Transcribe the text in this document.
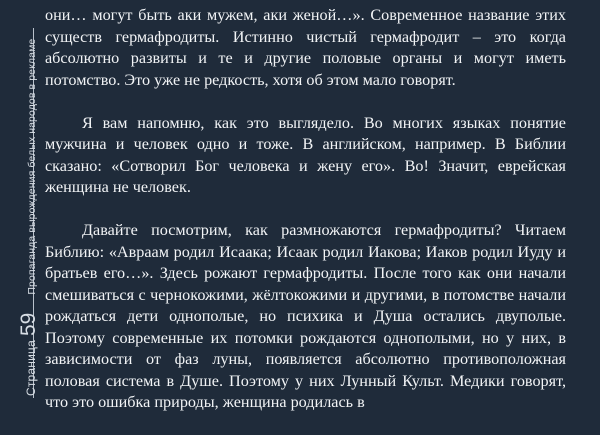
Страница
59
Пропаганда вырождения белых народов в рекламе

они… могут быть аки мужем, аки женой…». Современное название этих существ гермафродиты. Истинно чистый гермафродит – это когда абсолютно развиты и те и другие половые органы и могут иметь потомство. Это уже не редкость, хотя об этом мало говорят.

Я вам напомню, как это выглядело. Во многих языках понятие мужчина и человек одно и тоже. В английском, например. В Библии сказано: «Сотворил Бог человека и жену его». Во! Значит, еврейская женщина не человек.

Давайте посмотрим, как размножаются гермафродиты? Читаем Библию: «Авраам родил Исаака; Исаак родил Иакова; Иаков родил Иуду и братьев его…». Здесь рожают гермафродиты. После того как они начали смешиваться с чернокожими, жёлтокожими и другими, в потомстве начали рождаться дети однополые, но психика и Душа остались двуполые. Поэтому современные их потомки рождаются однополыми, но у них, в зависимости от фаз луны, появляется абсолютно противоположная половая система в Душе. Поэтому у них Лунный Культ. Медики говорят, что это ошибка природы, женщина родилась в
